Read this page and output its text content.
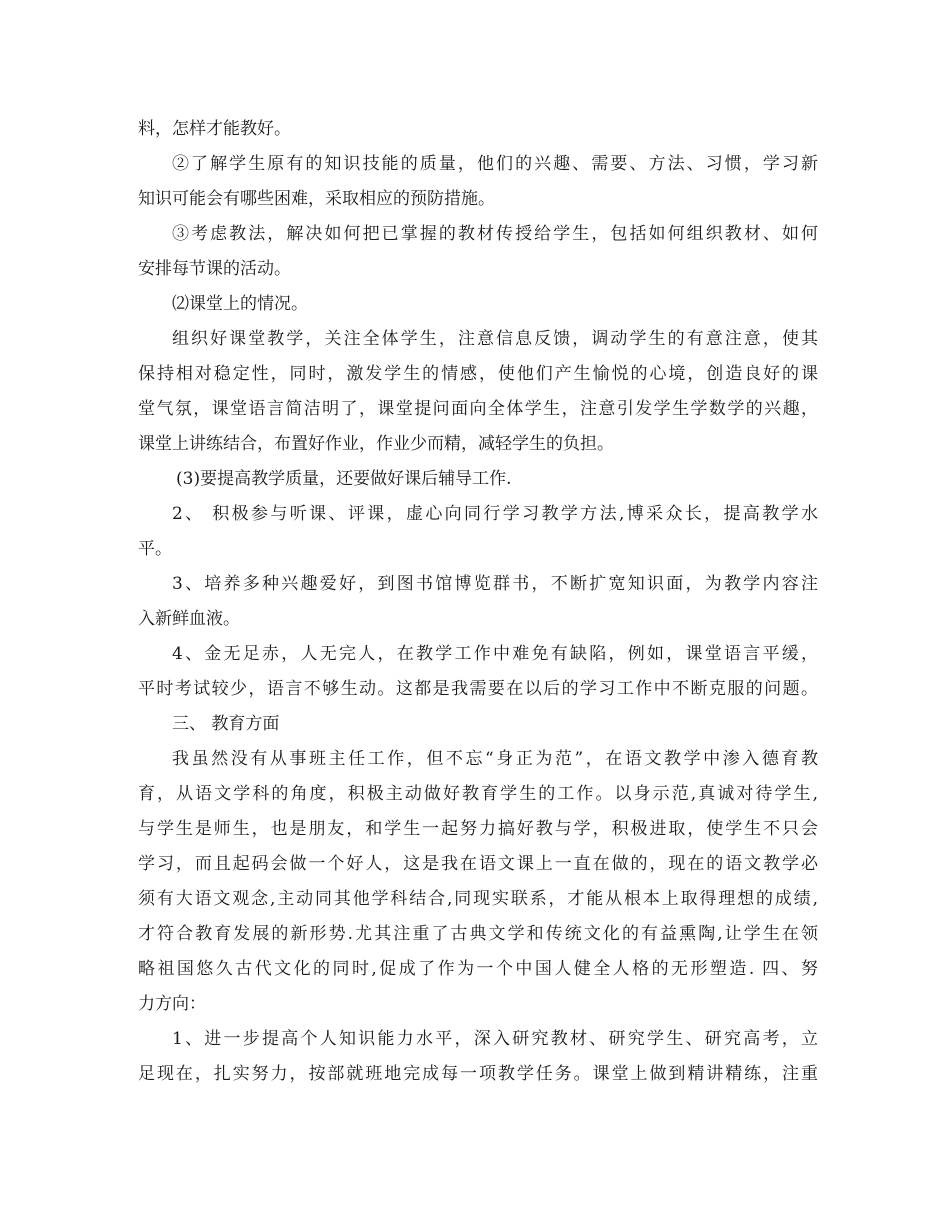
料，怎样才能教好。
②了解学生原有的知识技能的质量，他们的兴趣、需要、方法、习惯，学习新
知识可能会有哪些困难，采取相应的预防措施。
③考虑教法，解决如何把已掌握的教材传授给学生，包括如何组织教材、如何
安排每节课的活动。
⑵课堂上的情况。
组织好课堂教学，关注全体学生，注意信息反馈，调动学生的有意注意，使其
保持相对稳定性，同时，激发学生的情感，使他们产生愉悦的心境，创造良好的课
堂气氛，课堂语言简洁明了，课堂提问面向全体学生，注意引发学生学数学的兴趣，
课堂上讲练结合，布置好作业，作业少而精，减轻学生的负担。
(3)要提高教学质量，还要做好课后辅导工作.
2、 积极参与听课、评课，虚心向同行学习教学方法,博采众长，提高教学水
平。
3、培养多种兴趣爱好，到图书馆博览群书，不断扩宽知识面，为教学内容注
入新鲜血液。
4、金无足赤，人无完人，在教学工作中难免有缺陷，例如，课堂语言平缓，
平时考试较少，语言不够生动。这都是我需要在以后的学习工作中不断克服的问题。
三、 教育方面
我虽然没有从事班主任工作，但不忘“身正为范”，在语文教学中渗入德育教
育，从语文学科的角度，积极主动做好教育学生的工作。以身示范,真诚对待学生,
与学生是师生，也是朋友，和学生一起努力搞好教与学，积极进取，使学生不只会
学习，而且起码会做一个好人，这是我在语文课上一直在做的，现在的语文教学必
须有大语文观念,主动同其他学科结合,同现实联系，才能从根本上取得理想的成绩,
才符合教育发展的新形势.尤其注重了古典文学和传统文化的有益熏陶,让学生在领
略祖国悠久古代文化的同时,促成了作为一个中国人健全人格的无形塑造. 四、努
力方向：
1、进一步提高个人知识能力水平，深入研究教材、研究学生、研究高考，立
足现在，扎实努力，按部就班地完成每一项教学任务。课堂上做到精讲精练，注重
